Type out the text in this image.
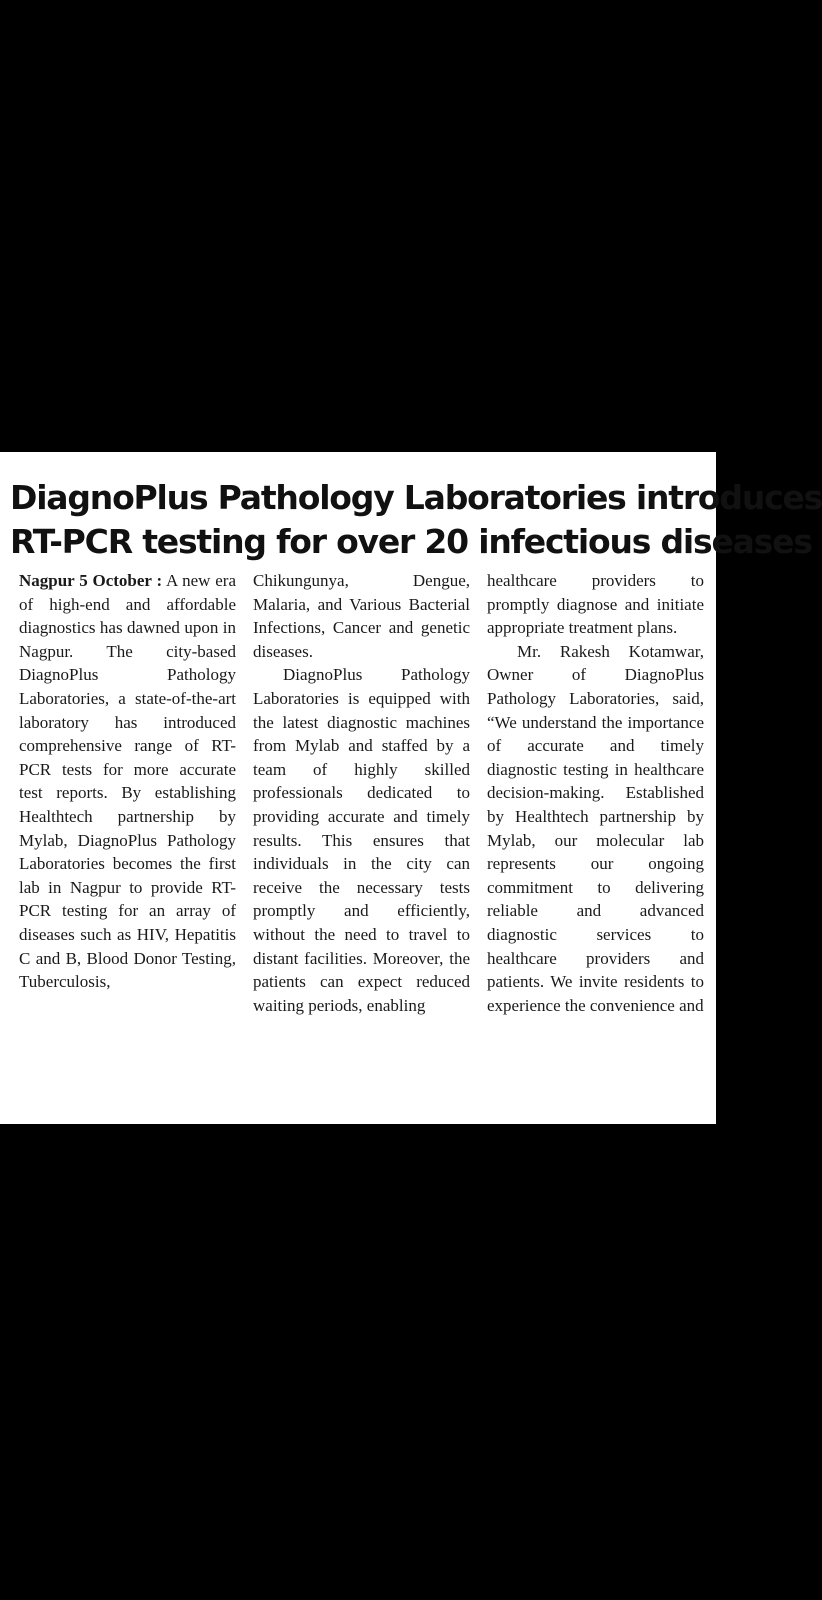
DiagnoPlus Pathology Laboratories introduces
RT-PCR testing for over 20 infectious diseases

Nagpur 5 October : A new era of high-end and affordable diagnostics has dawned upon in Nagpur. The city-based DiagnoPlus Pathology Laboratories, a state-of-the-art laboratory has introduced comprehensive range of RT-PCR tests for more accurate test reports. By establishing Healthtech partnership by Mylab, DiagnoPlus Pathology Laboratories becomes the first lab in Nagpur to provide RT-PCR testing for an array of diseases such as HIV, Hepatitis C and B, Blood Donor Testing, Tuberculosis,

Chikungunya, Dengue, Malaria, and Various Bacterial Infections, Cancer and genetic diseases.

DiagnoPlus Pathology Laboratories is equipped with the latest diagnostic machines from Mylab and staffed by a team of highly skilled professionals dedicated to providing accurate and timely results. This ensures that individuals in the city can receive the necessary tests promptly and efficiently, without the need to travel to distant facilities. Moreover, the patients can expect reduced waiting periods, enabling

healthcare providers to promptly diagnose and initiate appropriate treatment plans.

Mr. Rakesh Kotamwar, Owner of DiagnoPlus Pathology Laboratories, said, “We understand the importance of accurate and timely diagnostic testing in healthcare decision-making. Established by Healthtech partnership by Mylab, our molecular lab represents our ongoing commitment to delivering reliable and advanced diagnostic services to healthcare providers and patients. We invite residents to experience the convenience and
